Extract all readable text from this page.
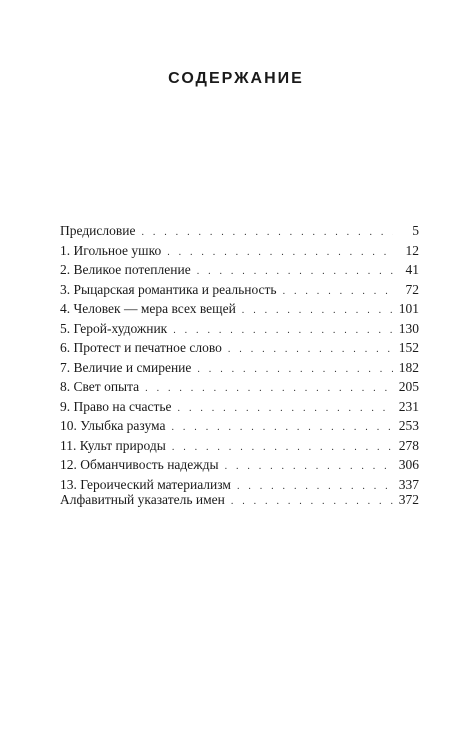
СОДЕРЖАНИЕ
Предисловие . . .	5
1. Игольное ушко . . .	12
2. Великое потепление . . .	41
3. Рыцарская романтика и реальность . . .	72
4. Человек — мера всех вещей . . .	101
5. Герой-художник . . .	130
6. Протест и печатное слово . . .	152
7. Величие и смирение . . .	182
8. Свет опыта . . .	205
9. Право на счастье . . .	231
10. Улыбка разума . . .	253
11. Культ природы . . .	278
12. Обманчивость надежды . . .	306
13. Героический материализм . . .	337
Алфавитный указатель имен . . .	372
